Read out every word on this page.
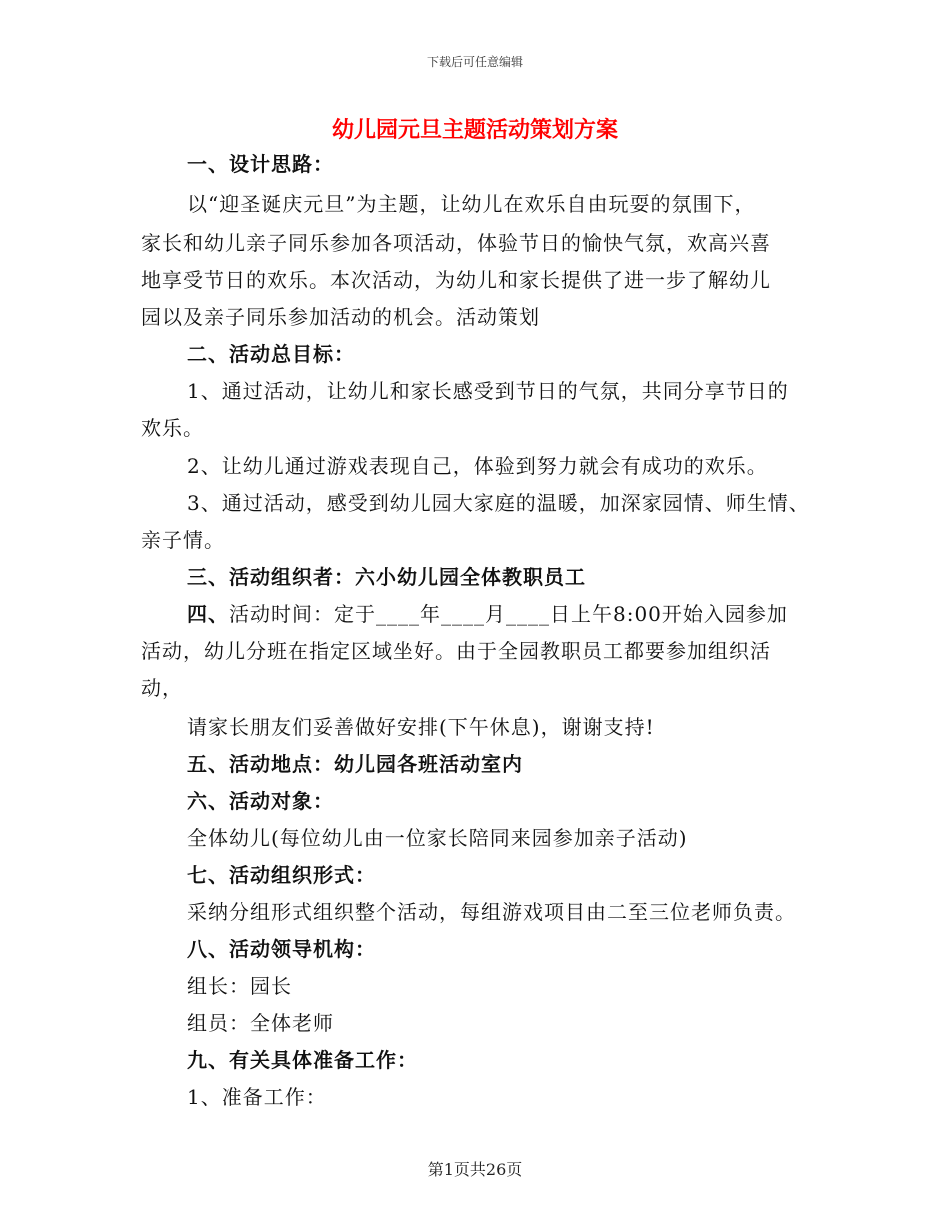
下载后可任意编辑
幼儿园元旦主题活动策划方案
一、设计思路：
以“迎圣诞庆元旦”为主题，让幼儿在欢乐自由玩耍的氛围下，
家长和幼儿亲子同乐参加各项活动，体验节日的愉快气氛，欢高兴喜
地享受节日的欢乐。本次活动，为幼儿和家长提供了进一步了解幼儿
园以及亲子同乐参加活动的机会。活动策划
二、活动总目标：
1、通过活动，让幼儿和家长感受到节日的气氛，共同分享节日的
欢乐。
2、让幼儿通过游戏表现自己，体验到努力就会有成功的欢乐。
3、通过活动，感受到幼儿园大家庭的温暖，加深家园情、师生情、
亲子情。
三、活动组织者：六小幼儿园全体教职员工
四、活动时间：定于____年____月____日上午8:00开始入园参加
活动，幼儿分班在指定区域坐好。由于全园教职员工都要参加组织活
动，
请家长朋友们妥善做好安排(下午休息)，谢谢支持!
五、活动地点：幼儿园各班活动室内
六、活动对象：
全体幼儿(每位幼儿由一位家长陪同来园参加亲子活动)
七、活动组织形式：
采纳分组形式组织整个活动，每组游戏项目由二至三位老师负责。
八、活动领导机构：
组长：园长
组员：全体老师
九、有关具体准备工作：
1、准备工作：
第1页共26页
